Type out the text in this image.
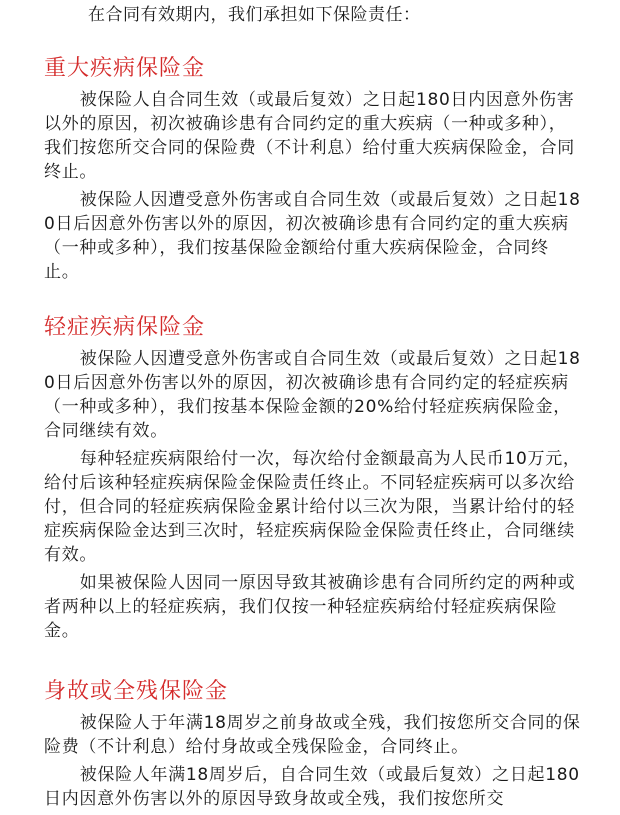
在合同有效期内，我们承担如下保险责任：
重大疾病保险金

被保险人自合同生效（或最后复效）之日起180日内因意外伤害以外的原因，初次被确诊患有合同约定的重大疾病（一种或多种），我们按您所交合同的保险费（不计利息）给付重大疾病保险金，合同终止。

被保险人因遭受意外伤害或自合同生效（或最后复效）之日起180日后因意外伤害以外的原因，初次被确诊患有合同约定的重大疾病（一种或多种），我们按基保险金额给付重大疾病保险金，合同终止。

轻症疾病保险金

被保险人因遭受意外伤害或自合同生效（或最后复效）之日起180日后因意外伤害以外的原因，初次被确诊患有合同约定的轻症疾病（一种或多种），我们按基本保险金额的20%给付轻症疾病保险金，合同继续有效。

每种轻症疾病限给付一次，每次给付金额最高为人民币10万元，给付后该种轻症疾病保险金保险责任终止。不同轻症疾病可以多次给付，但合同的轻症疾病保险金累计给付以三次为限，当累计给付的轻症疾病保险金达到三次时，轻症疾病保险金保险责任终止，合同继续有效。

如果被保险人因同一原因导致其被确诊患有合同所约定的两种或者两种以上的轻症疾病，我们仅按一种轻症疾病给付轻症疾病保险金。

身故或全残保险金

被保险人于年满18周岁之前身故或全残，我们按您所交合同的保险费（不计利息）给付身故或全残保险金，合同终止。

被保险人年满18周岁后，自合同生效（或最后复效）之日起180日内因意外伤害以外的原因导致身故或全残，我们按您所交
